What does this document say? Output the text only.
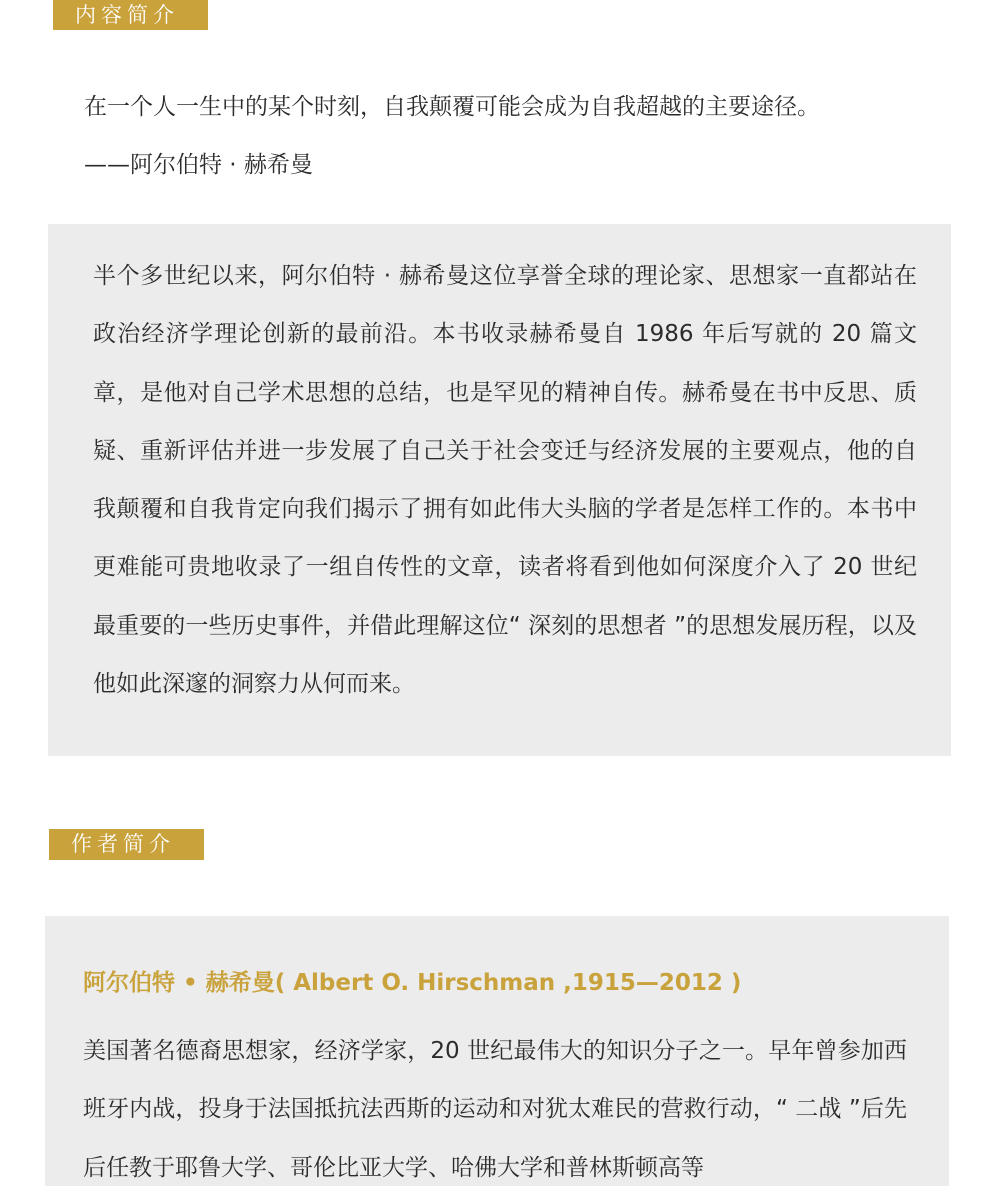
内容简介
在一个人一生中的某个时刻，自我颠覆可能会成为自我超越的主要途径。
——阿尔伯特 · 赫希曼
半个多世纪以来，阿尔伯特 · 赫希曼这位享誉全球的理论家、思想家一直都站在政治经济学理论创新的最前沿。本书收录赫希曼自 1986 年后写就的 20 篇文章，是他对自己学术思想的总结，也是罕见的精神自传。赫希曼在书中反思、质疑、重新评估并进一步发展了自己关于社会变迁与经济发展的主要观点，他的自我颠覆和自我肯定向我们揭示了拥有如此伟大头脑的学者是怎样工作的。本书中更难能可贵地收录了一组自传性的文章，读者将看到他如何深度介入了 20 世纪最重要的一些历史事件，并借此理解这位“ 深刻的思想者 ”的思想发展历程，以及他如此深邃的洞察力从何而来。
作者简介
阿尔伯特 • 赫希曼( Albert O. Hirschman ,1915—2012 )
美国著名德裔思想家，经济学家，20 世纪最伟大的知识分子之一。早年曾参加西班牙内战，投身于法国抵抗法西斯的运动和对犹太难民的营救行动，“ 二战 ”后先后任教于耶鲁大学、哥伦比亚大学、哈佛大学和普林斯顿高等
